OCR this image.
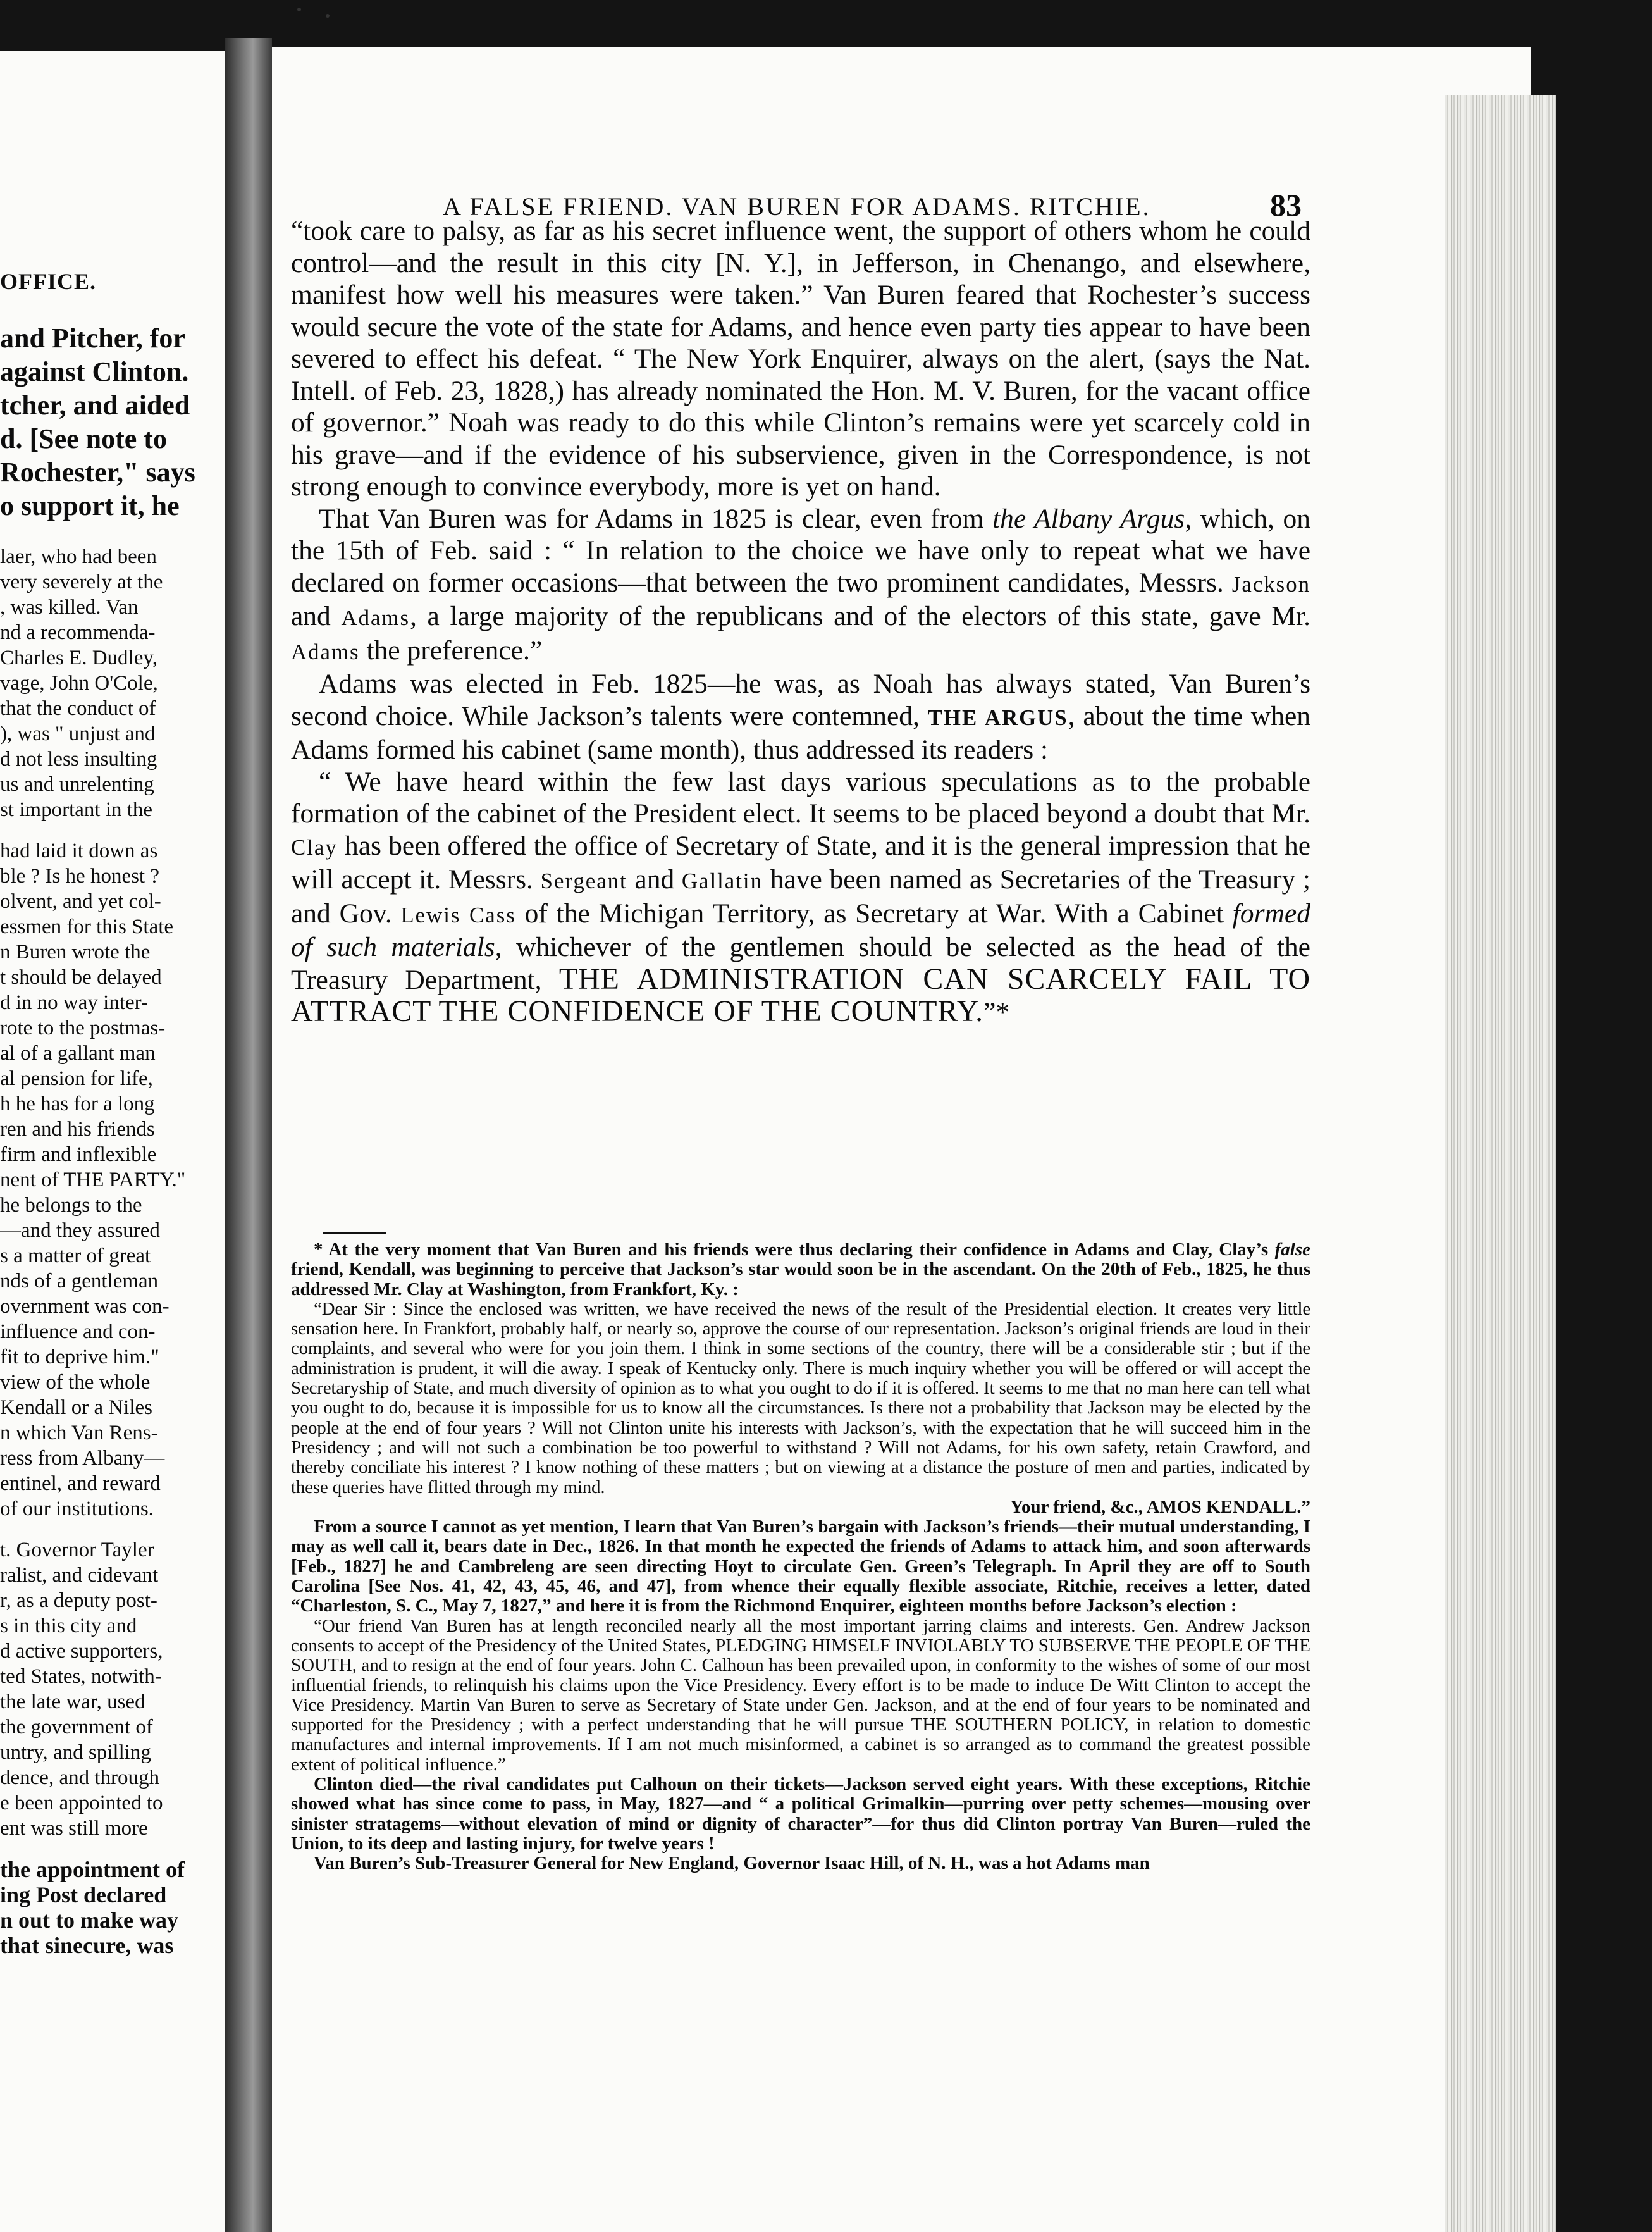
OFFICE.
and Pitcher, for
against Clinton.
tcher, and aided
d. [See note to
Rochester," says
o support it, he
laer, who had been
very severely at the
, was killed. Van
nd a recommenda-
Charles E. Dudley,
vage, John O'Cole,
that the conduct of
), was " unjust and
d not less insulting
us and unrelenting
st important in the
had laid it down as
ble ? Is he honest ?
olvent, and yet col-
essmen for this State
n Buren wrote the
t should be delayed
d in no way inter-
rote to the postmas-
al of a gallant man
al pension for life,
h he has for a long
ren and his friends
firm and inflexible
nent of THE PARTY."
he belongs to the
—and they assured
s a matter of great
nds of a gentleman
overnment was con-
influence and con-
fit to deprive him."
view of the whole
Kendall or a Niles
n which Van Rens-
ress from Albany—
entinel, and reward
of our institutions.
t. Governor Tayler
ralist, and cidevant
r, as a deputy post-
s in this city and
d active supporters,
ted States, notwith-
the late war, used
the government of
untry, and spilling
dence, and through
e been appointed to
ent was still more
the appointment of
ing Post declared
n out to make way
that sinecure, was
A FALSE FRIEND. VAN BUREN FOR ADAMS. RITCHIE.	83

“took care to palsy, as far as his secret influence went, the support of others whom he could control—and the result in this city [N. Y.], in Jefferson, in Chenango, and elsewhere, manifest how well his measures were taken.” Van Buren feared that Rochester’s success would secure the vote of the state for Adams, and hence even party ties appear to have been severed to effect his defeat. “ The New York Enquirer, always on the alert, (says the Nat. Intell. of Feb. 23, 1828,) has already nominated the Hon. M. V. Buren, for the vacant office of governor.” Noah was ready to do this while Clinton’s remains were yet scarcely cold in his grave—and if the evidence of his subservience, given in the Correspondence, is not strong enough to convince everybody, more is yet on hand.

That Van Buren was for Adams in 1825 is clear, even from the Albany Argus, which, on the 15th of Feb. said : “ In relation to the choice we have only to repeat what we have declared on former occasions—that between the two prominent candidates, Messrs. Jackson and Adams, a large majority of the republicans and of the electors of this state, gave Mr. Adams the preference.”

Adams was elected in Feb. 1825—he was, as Noah has always stated, Van Buren’s second choice. While Jackson’s talents were contemned, THE ARGUS, about the time when Adams formed his cabinet (same month), thus addressed its readers :

“ We have heard within the few last days various speculations as to the probable formation of the cabinet of the President elect. It seems to be placed beyond a doubt that Mr. Clay has been offered the office of Secretary of State, and it is the general impression that he will accept it. Messrs. Sergeant and Gallatin have been named as Secretaries of the Treasury ; and Gov. Lewis Cass of the Michigan Territory, as Secretary at War. With a Cabinet formed of such materials, whichever of the gentlemen should be selected as the head of the Treasury Department, THE ADMINISTRATION CAN SCARCELY FAIL TO ATTRACT THE CONFIDENCE OF THE COUNTRY.”*

* At the very moment that Van Buren and his friends were thus declaring their confidence in Adams and Clay, Clay’s false friend, Kendall, was beginning to perceive that Jackson’s star would soon be in the ascendant. On the 20th of Feb., 1825, he thus addressed Mr. Clay at Washington, from Frankfort, Ky. :

“Dear Sir : Since the enclosed was written, we have received the news of the result of the Presidential election. It creates very little sensation here. In Frankfort, probably half, or nearly so, approve the course of our representation. Jackson’s original friends are loud in their complaints, and several who were for you join them. I think in some sections of the country, there will be a considerable stir ; but if the administration is prudent, it will die away. I speak of Kentucky only. There is much inquiry whether you will be offered or will accept the Secretaryship of State, and much diversity of opinion as to what you ought to do if it is offered. It seems to me that no man here can tell what you ought to do, because it is impossible for us to know all the circumstances. Is there not a probability that Jackson may be elected by the people at the end of four years ? Will not Clinton unite his interests with Jackson’s, with the expectation that he will succeed him in the Presidency ; and will not such a combination be too powerful to withstand ? Will not Adams, for his own safety, retain Crawford, and thereby conciliate his interest ? I know nothing of these matters ; but on viewing at a distance the posture of men and parties, indicated by these queries have flitted through my mind.

Your friend, &c., AMOS KENDALL.”

From a source I cannot as yet mention, I learn that Van Buren’s bargain with Jackson’s friends—their mutual understanding, I may as well call it, bears date in Dec., 1826. In that month he expected the friends of Adams to attack him, and soon afterwards [Feb., 1827] he and Cambreleng are seen directing Hoyt to circulate Gen. Green’s Telegraph. In April they are off to South Carolina [See Nos. 41, 42, 43, 45, 46, and 47], from whence their equally flexible associate, Ritchie, receives a letter, dated “Charleston, S. C., May 7, 1827,” and here it is from the Richmond Enquirer, eighteen months before Jackson’s election :

“Our friend Van Buren has at length reconciled nearly all the most important jarring claims and interests. Gen. Andrew Jackson consents to accept of the Presidency of the United States, PLEDGING HIMSELF INVIOLABLY TO SUBSERVE THE PEOPLE OF THE SOUTH, and to resign at the end of four years. John C. Calhoun has been prevailed upon, in conformity to the wishes of some of our most influential friends, to relinquish his claims upon the Vice Presidency. Every effort is to be made to induce De Witt Clinton to accept the Vice Presidency. Martin Van Buren to serve as Secretary of State under Gen. Jackson, and at the end of four years to be nominated and supported for the Presidency ; with a perfect understanding that he will pursue THE SOUTHERN POLICY, in relation to domestic manufactures and internal improvements. If I am not much misinformed, a cabinet is so arranged as to command the greatest possible extent of political influence.”

Clinton died—the rival candidates put Calhoun on their tickets—Jackson served eight years. With these exceptions, Ritchie showed what has since come to pass, in May, 1827—and “ a political Grimalkin—purring over petty schemes—mousing over sinister stratagems—without elevation of mind or dignity of character”—for thus did Clinton portray Van Buren—ruled the Union, to its deep and lasting injury, for twelve years !

Van Buren’s Sub-Treasurer General for New England, Governor Isaac Hill, of N. H., was a hot Adams man
